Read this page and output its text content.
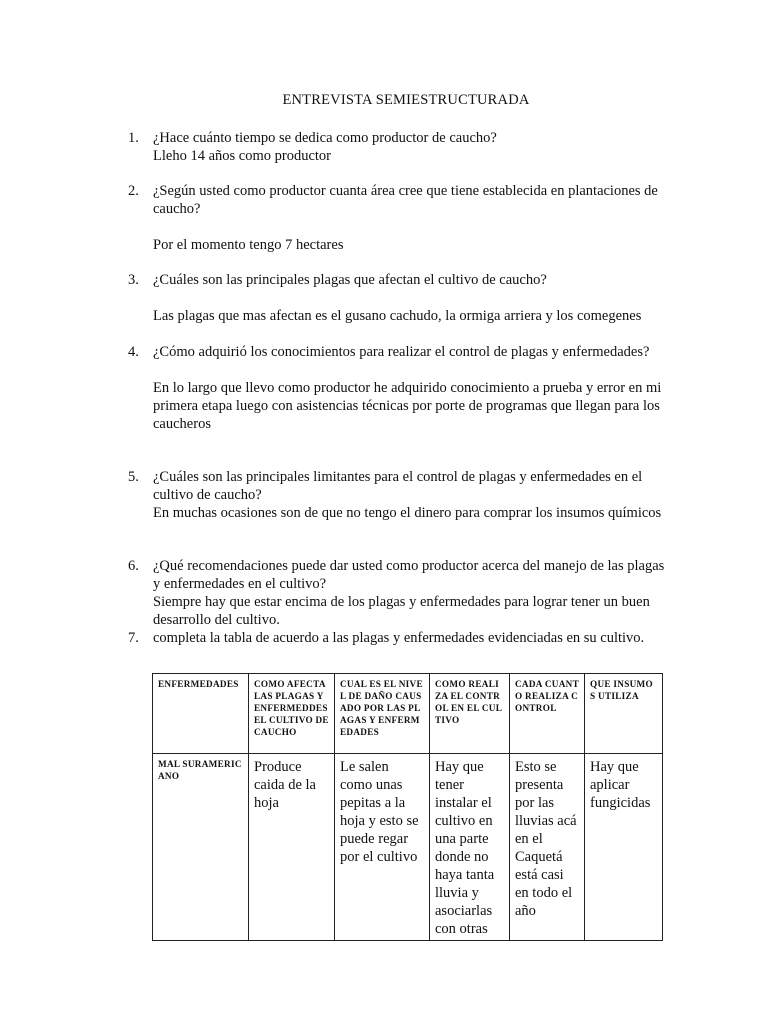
ENTREVISTA SEMIESTRUCTURADA
1. ¿Hace cuánto tiempo se dedica como productor de caucho?
Lleho 14 años como productor
2. ¿Según usted como productor cuanta área cree que tiene establecida en plantaciones de caucho?
Por el momento tengo 7 hectares
3. ¿Cuáles son las principales plagas que afectan el cultivo de caucho?
Las plagas que mas afectan es el gusano cachudo, la ormiga arriera y los comegenes
4. ¿Cómo adquirió los conocimientos para realizar el control de plagas y enfermedades?
En lo largo que llevo como productor he adquirido conocimiento a prueba y error en mi primera etapa luego con asistencias técnicas por porte de programas que llegan para los caucheros
5. ¿Cuáles son las principales limitantes para el control de plagas y enfermedades en el cultivo de caucho?
En muchas ocasiones son de que no tengo el dinero para comprar los insumos químicos
6. ¿Qué recomendaciones puede dar usted como productor acerca del manejo de las plagas y enfermedades en el cultivo?
Siempre hay que estar encima de los plagas y enfermedades para lograr tener un buen desarrollo del cultivo.
7. completa la tabla de acuerdo a las plagas y enfermedades evidenciadas en su cultivo.
ENFERMEDADES	COMO AFECTA LAS PLAGAS Y ENFERMEDDES EL CULTIVO DE CAUCHO	CUAL ES EL NIVEL DE DAÑO CAUSADO POR LAS PLAGAS Y ENFERMEDADES	COMO REALIZA EL CONTROL EN EL CULTIVO	CADA CUANTO REALIZA CONTROL	QUE INSUMOS UTILIZA
MAL SURAMERICANO	Produce caida de la hoja	Le salen como unas pepitas a la hoja y esto se puede regar por el cultivo	Hay que tener instalar el cultivo en una parte donde no haya tanta lluvia y asociarlas con otras	Esto se presenta por las lluvias acá en el Caquetá está casi en todo el año	Hay que aplicar fungicidas
